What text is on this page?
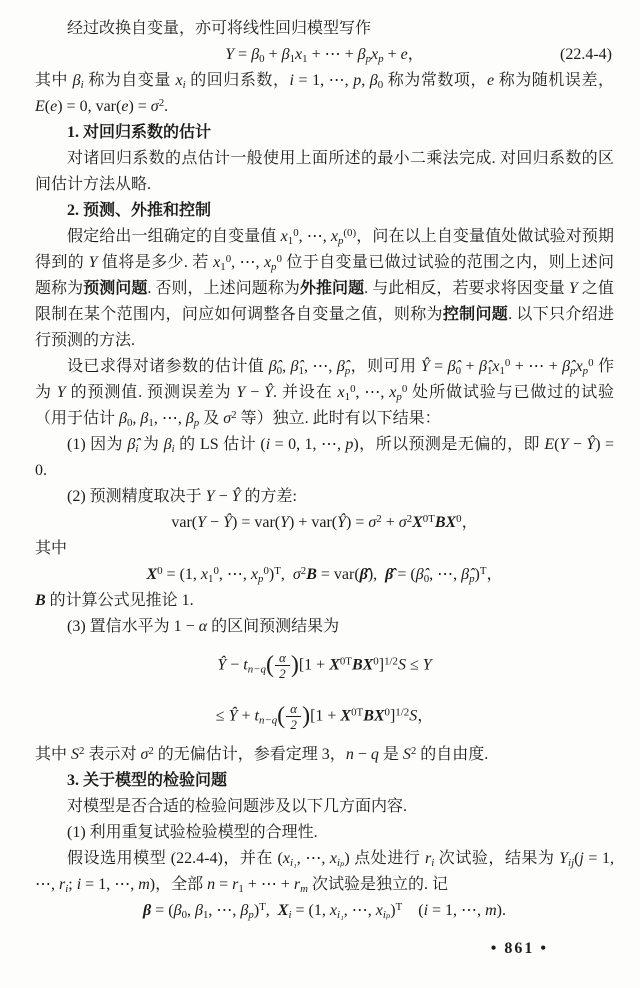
经过改换自变量，亦可将线性回归模型写作

$Y = \beta_0 + \beta_1x_1$ + ⋯ + $\beta_px_p + e$，	(22.4-4)

其中 $\beta_i$ 称为自变量 $x_i$ 的回归系数，i = 1, ⋯, p, $\beta_0$ 称为常数项，e 称为随机误差，E(e) = 0, $var(e) = \sigma^2$.

1. 对回归系数的估计

对诸回归系数的点估计一般使用上面所述的最小二乘法完成. 对回归系数的区间估计方法从略.

2. 预测、外推和控制

假定给出一组确定的自变量值 $x_1^0$, ⋯, $x_p^{(0)}$，问在以上自变量值处做试验对预期得到的 Y 值将是多少. 若 $x_1^0$, ⋯, $x_p^0$ 位于自变量已做过试验的范围之内，则上述问题称为预测问题. 否则，上述问题称为外推问题. 与此相反，若要求将因变量 Y 之值限制在某个范围内，问应如何调整各自变量之值，则称为控制问题. 以下只介绍进行预测的方法.

设已求得对诸参数的估计值 $\betâ_0$, $\betâ_1$, ⋯, $\betâ_p$，则可用 Ŷ = $\betâ_0$ + $\betâ_1x_1^0$ + ⋯ + $\betâ_px_p^0$ 作为 Y 的预测值. 预测误差为 Y − Ŷ. 并设在 $x_1^0$, ⋯, $x_p^0$ 处所做试验与已做过的试验（用于估计 $\beta_0$, $\beta_1$, ⋯, $\beta_p$ 及 $\sigma^2$ 等）独立. 此时有以下结果：

(1) 因为 $\betâ_i$ 为 $\beta_i$ 的 LS 估计 (i = 0, 1, ⋯, p)，所以预测是无偏的，即 E(Y − Ŷ) = 0.

(2) 预测精度取决于 Y − Ŷ 的方差:

var(Y − Ŷ) = var(Y) + var(Ŷ) = $\sigma^2 + \sigma^2X^{0T}BX^0$，

其中

$X^0 = (1$, $x_1^0$, ⋯, $x_p^0)^T$, $\sigma^2B$ = var(β̂), β̂ = ($\betâ_0$, ⋯, $\betâ_p)^T$，

B 的计算公式见推论 1.

(3) 置信水平为 1 − α 的区间预测结果为

Ŷ − $t_{n-q}( \frac{\alpha}{2} )[1 + X^{0T}BX^0]^{1/2}S \le Y$
≤ Ŷ + $t_{n-q}( \frac{\alpha}{2} )[1 + X^{0T}BX^0]^{1/2}S$，

其中 $S^2$ 表示对 $\sigma^2$ 的无偏估计，参看定理 3，n − q 是 $S^2$ 的自由度.

3. 关于模型的检验问题

对模型是否合适的检验问题涉及以下几方面内容.

(1) 利用重复试验检验模型的合理性.

假设选用模型 (22.4-4)，并在 ($x_{i_1}$, ⋯, $x_{i_p}$) 点处进行 $r_i$ 次试验，结果为 $Y_{ij}(j = 1$, ⋯, $r_i$; i = 1, ⋯, m)，全部 $n = r_1$ + ⋯ + $r_m$ 次试验是独立的. 记

$\beta = (\beta_0$, $\beta_1$, ⋯, $\beta_p)^T$, $X_i = (1$, $x_{i_1}$, ⋯, $x_{i_p})^T$ (i = 1, ⋯, m).
• 861 •
